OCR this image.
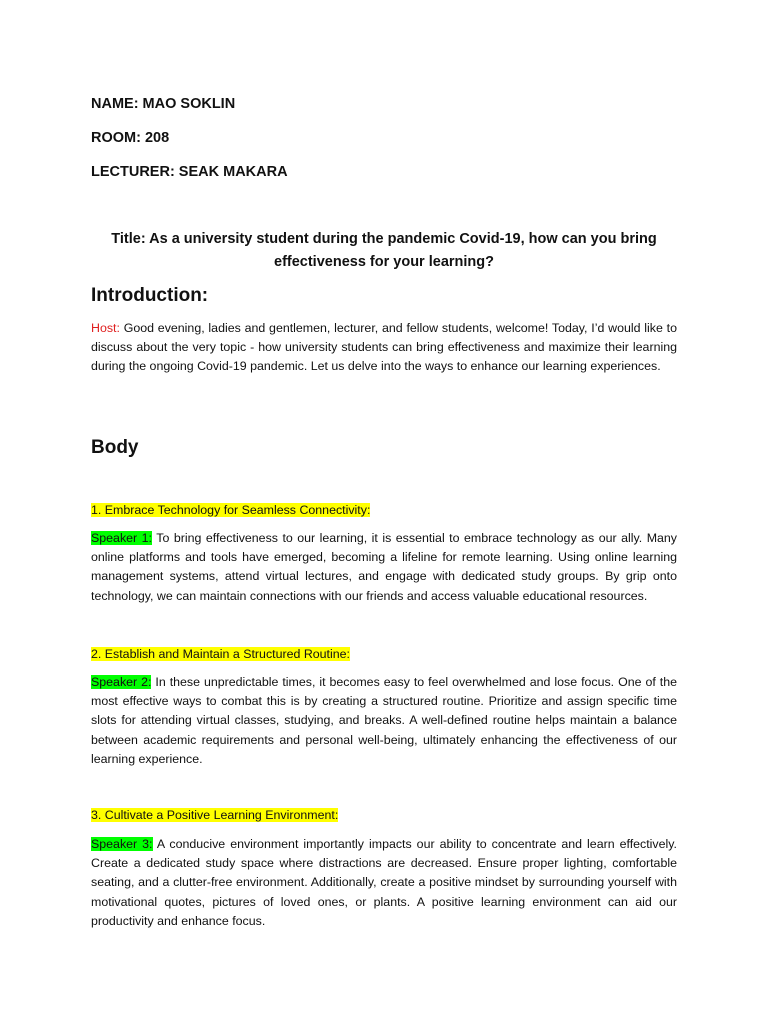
NAME: MAO SOKLIN
ROOM: 208
LECTURER: SEAK MAKARA
Title: As a university student during the pandemic Covid-19, how can you bring effectiveness for your learning?
Introduction:
Host: Good evening, ladies and gentlemen, lecturer, and fellow students, welcome! Today, I’d would like to discuss about the very topic - how university students can bring effectiveness and maximize their learning during the ongoing Covid-19 pandemic. Let us delve into the ways to enhance our learning experiences.
Body
1. Embrace Technology for Seamless Connectivity:
Speaker 1: To bring effectiveness to our learning, it is essential to embrace technology as our ally. Many online platforms and tools have emerged, becoming a lifeline for remote learning. Using online learning management systems, attend virtual lectures, and engage with dedicated study groups. By grip onto technology, we can maintain connections with our friends and access valuable educational resources.
2. Establish and Maintain a Structured Routine:
Speaker 2: In these unpredictable times, it becomes easy to feel overwhelmed and lose focus. One of the most effective ways to combat this is by creating a structured routine. Prioritize and assign specific time slots for attending virtual classes, studying, and breaks. A well-defined routine helps maintain a balance between academic requirements and personal well-being, ultimately enhancing the effectiveness of our learning experience.
3. Cultivate a Positive Learning Environment:
Speaker 3: A conducive environment importantly impacts our ability to concentrate and learn effectively. Create a dedicated study space where distractions are decreased. Ensure proper lighting, comfortable seating, and a clutter-free environment. Additionally, create a positive mindset by surrounding yourself with motivational quotes, pictures of loved ones, or plants. A positive learning environment can aid our productivity and enhance focus.
